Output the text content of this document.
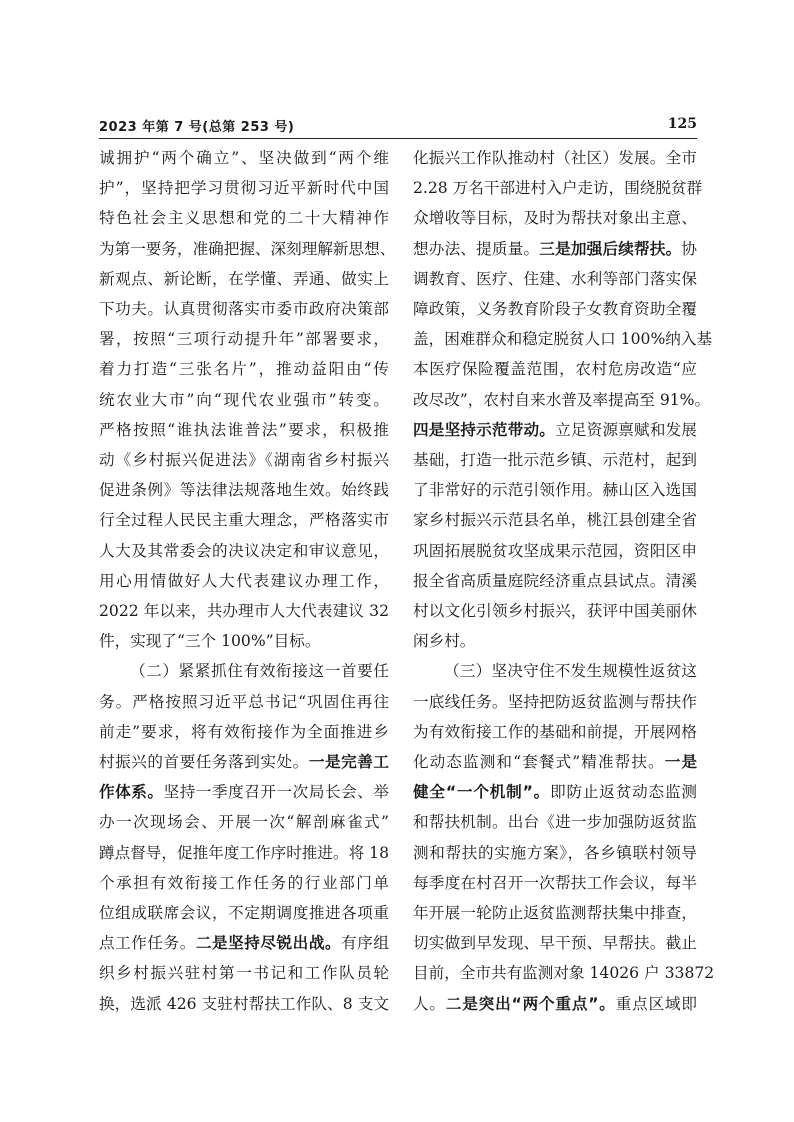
2023 年第 7 号(总第 253 号)	125
诚拥护“两个确立”、坚决做到“两个维
护”，坚持把学习贯彻习近平新时代中国
特色社会主义思想和党的二十大精神作
为第一要务，准确把握、深刻理解新思想、
新观点、新论断，在学懂、弄通、做实上
下功夫。认真贯彻落实市委市政府决策部
署，按照“三项行动提升年”部署要求，
着力打造“三张名片”，推动益阳由“传
统农业大市”向“现代农业强市”转变。
严格按照“谁执法谁普法”要求，积极推
动《乡村振兴促进法》《湖南省乡村振兴
促进条例》等法律法规落地生效。始终践
行全过程人民民主重大理念，严格落实市
人大及其常委会的决议决定和审议意见，
用心用情做好人大代表建议办理工作，
2022 年以来，共办理市人大代表建议 32
件，实现了“三个 100%”目标。
（二）紧紧抓住有效衔接这一首要任
务。严格按照习近平总书记“巩固住再往
前走”要求，将有效衔接作为全面推进乡
村振兴的首要任务落到实处。一是完善工
作体系。坚持一季度召开一次局长会、举
办一次现场会、开展一次“解剖麻雀式”
蹲点督导，促推年度工作序时推进。将 18
个承担有效衔接工作任务的行业部门单
位组成联席会议，不定期调度推进各项重
点工作任务。二是坚持尽锐出战。有序组
织乡村振兴驻村第一书记和工作队员轮
换，选派 426 支驻村帮扶工作队、8 支文
化振兴工作队推动村（社区）发展。全市
2.28 万名干部进村入户走访，围绕脱贫群
众增收等目标，及时为帮扶对象出主意、
想办法、提质量。三是加强后续帮扶。协
调教育、医疗、住建、水利等部门落实保
障政策，义务教育阶段子女教育资助全覆
盖，困难群众和稳定脱贫人口 100%纳入基
本医疗保险覆盖范围，农村危房改造“应
改尽改”，农村自来水普及率提高至 91%。
四是坚持示范带动。立足资源禀赋和发展
基础，打造一批示范乡镇、示范村，起到
了非常好的示范引领作用。赫山区入选国
家乡村振兴示范县名单，桃江县创建全省
巩固拓展脱贫攻坚成果示范园，资阳区申
报全省高质量庭院经济重点县试点。清溪
村以文化引领乡村振兴，获评中国美丽休
闲乡村。
（三）坚决守住不发生规模性返贫这
一底线任务。坚持把防返贫监测与帮扶作
为有效衔接工作的基础和前提，开展网格
化动态监测和“套餐式”精准帮扶。一是
健全“一个机制”。即防止返贫动态监测
和帮扶机制。出台《进一步加强防返贫监
测和帮扶的实施方案》，各乡镇联村领导
每季度在村召开一次帮扶工作会议，每半
年开展一轮防止返贫监测帮扶集中排查，
切实做到早发现、早干预、早帮扶。截止
目前，全市共有监测对象 14026 户 33872
人。二是突出“两个重点”。重点区域即
